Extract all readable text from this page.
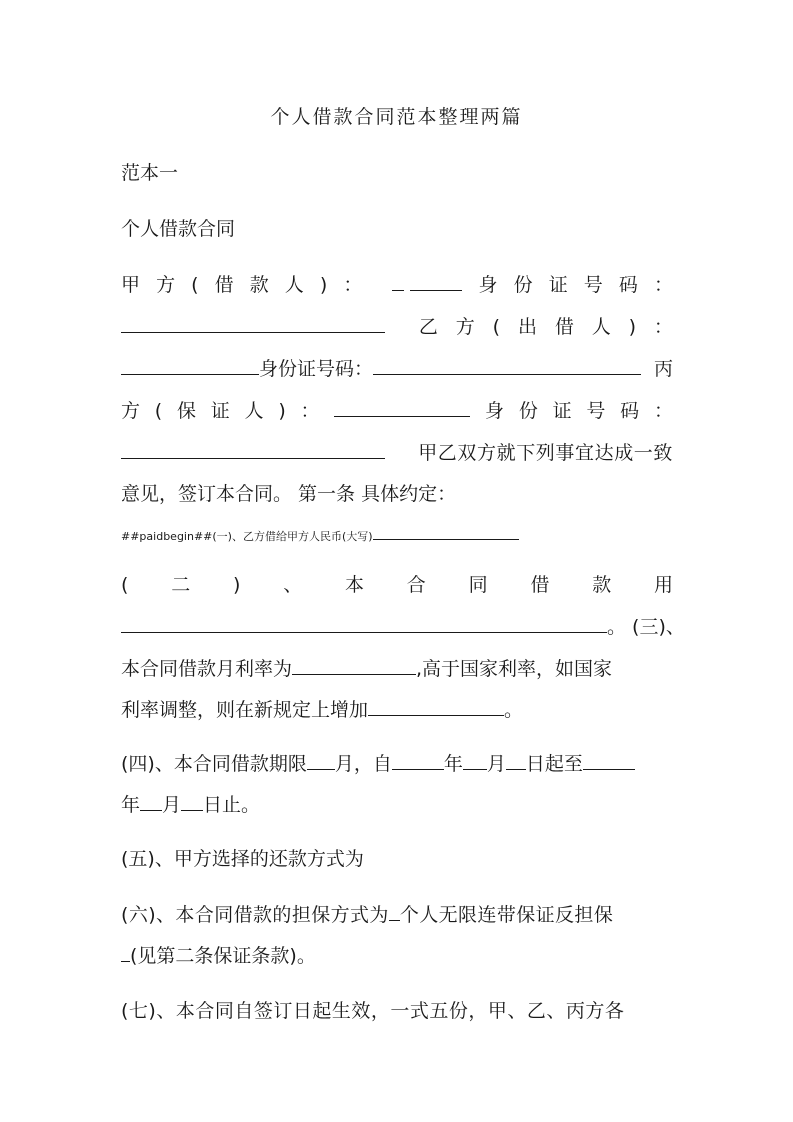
个人借款合同范本整理两篇
范本一
个人借款合同
甲 方 ( 借 款 人 ) ：
	身 份 证 号 码 ：
乙 方 ( 出 借 人 ) ：
身份证号码：	丙
方 ( 保 证 人 ) ：	身 份 证 号 码 ：
甲乙双方就下列事宜达成一致
意见，签订本合同。 第一条 具体约定：
##paidbegin##(一)、乙方借给甲方人民币(大写)
( 二 ) 、 本 合 同 借 款 用
。 (三)、
本合同借款月利率为	,高于国家利率，如国家
利率调整，则在新规定上增加	。
(四)、本合同借款期限 月，自	年 月 日起至
年 月 日止。
(五)、甲方选择的还款方式为
(六)、本合同借款的担保方式为 个人无限连带保证反担保
(见第二条保证条款)。
(七)、本合同自签订日起生效，一式五份，甲、乙、丙方各
